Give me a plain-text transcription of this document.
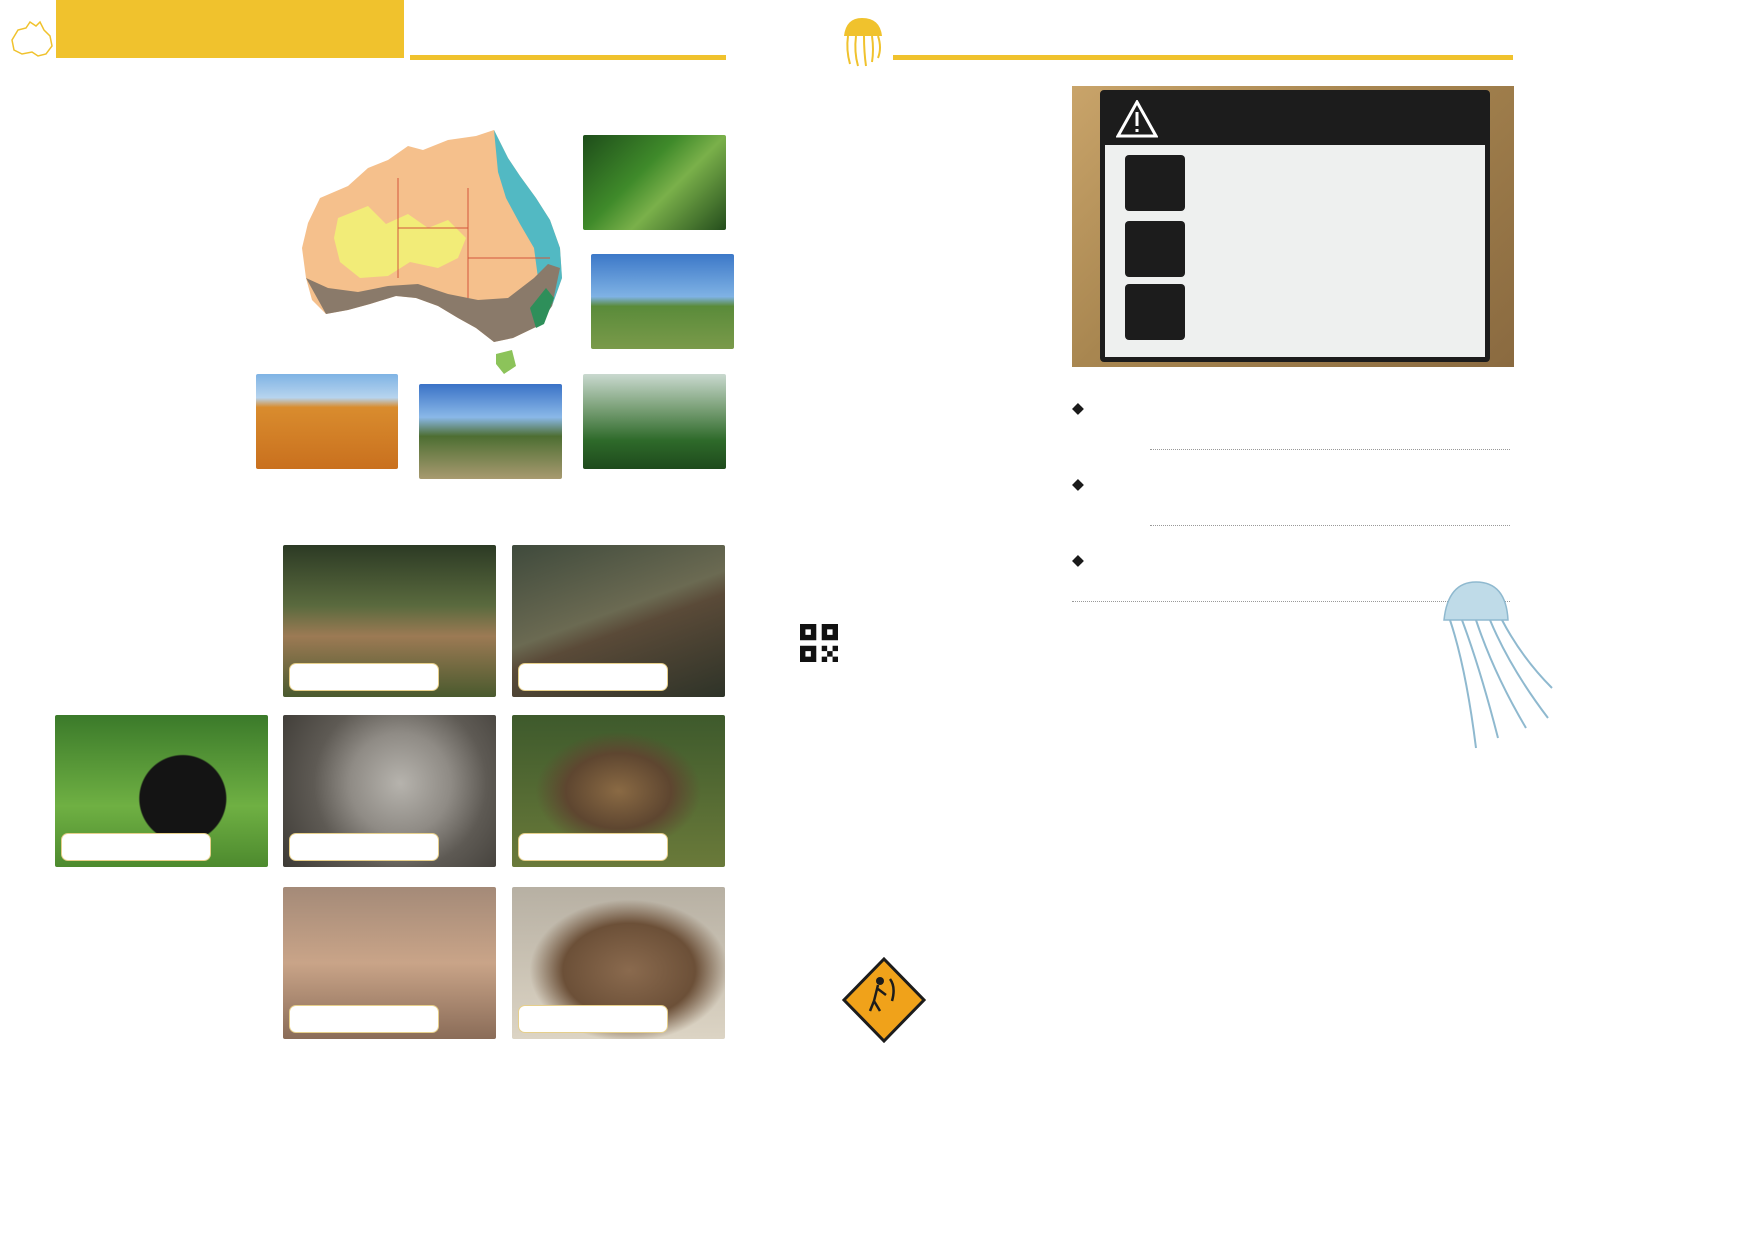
◆
◆
◆
